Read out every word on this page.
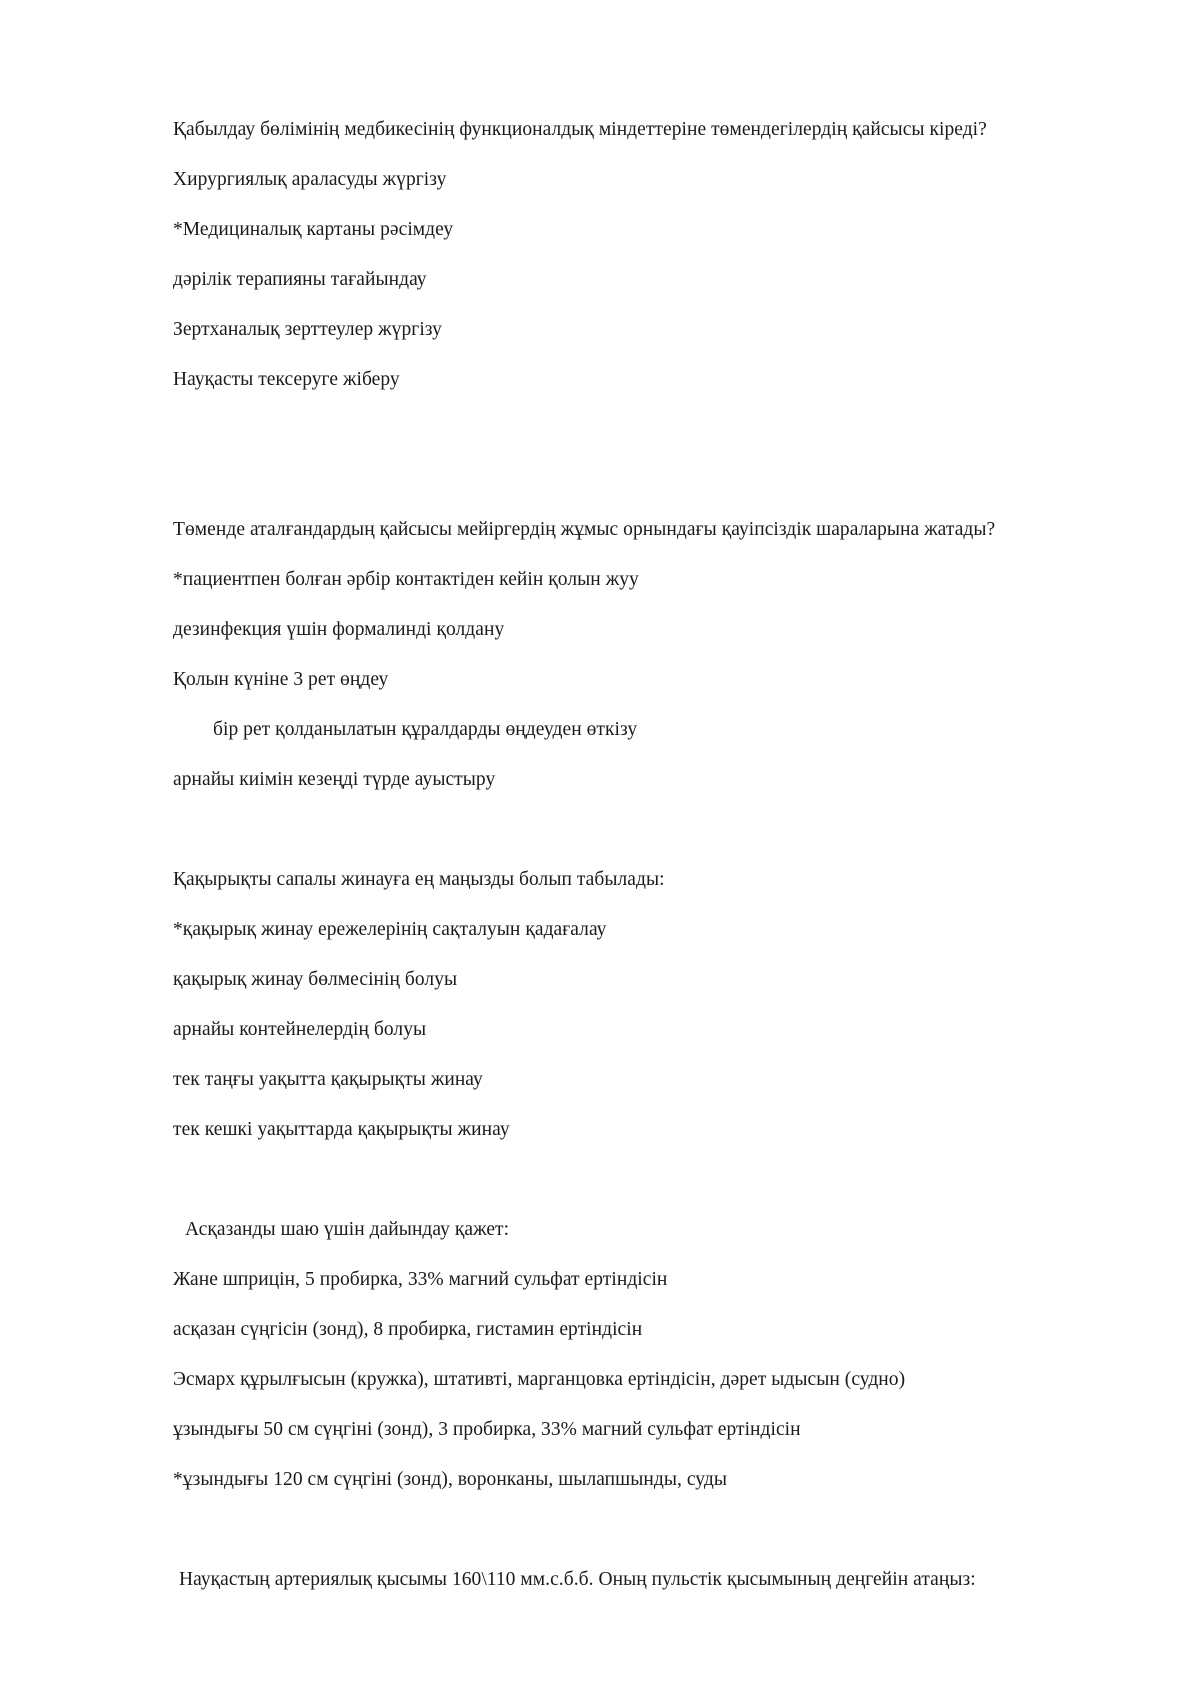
Қабылдау бөлімінің медбикесінің функционалдық міндеттеріне төмендегілердің қайсысы кіреді?
Хирургиялық араласуды жүргізу
*Медициналық картаны рәсімдеу
дәрілік терапияны тағайындау
Зертханалық зерттеулер жүргізу
Науқасты тексеруге жіберу
Төменде аталғандардың қайсысы мейіргердің жұмыс орнындағы қауіпсіздік шараларына жатады?
*пациентпен болған әрбір контактіден кейін қолын жуу
дезинфекция үшін формалинді қолдану
Қолын күніне 3 рет өңдеу
бір рет қолданылатын құралдарды өңдеуден өткізу
арнайы киімін кезеңді түрде ауыстыру
Қақырықты сапалы жинауға ең маңызды болып табылады:
*қақырық жинау ережелерінің сақталуын қадағалау
қақырық жинау бөлмесінің болуы
арнайы контейнелердің болуы
тек таңғы уақытта қақырықты жинау
тек кешкі уақыттарда қақырықты жинау
Асқазанды шаю үшін дайындау қажет:
Жане шприцін, 5 пробирка, 33% магний сульфат ертіндісін
асқазан сүңгісін (зонд), 8 пробирка, гистамин ертіндісін
Эсмарх құрылғысын (кружка), штативті, марганцовка ертіндісін, дәрет ыдысын (судно)
ұзындығы 50 см сүңгіні (зонд), 3 пробирка, 33% магний сульфат ертіндісін
*ұзындығы 120 см сүңгіні (зонд), воронканы, шылапшынды, суды
Науқастың артериялық қысымы 160\110 мм.с.б.б. Оның пульстік қысымының деңгейін атаңыз:
